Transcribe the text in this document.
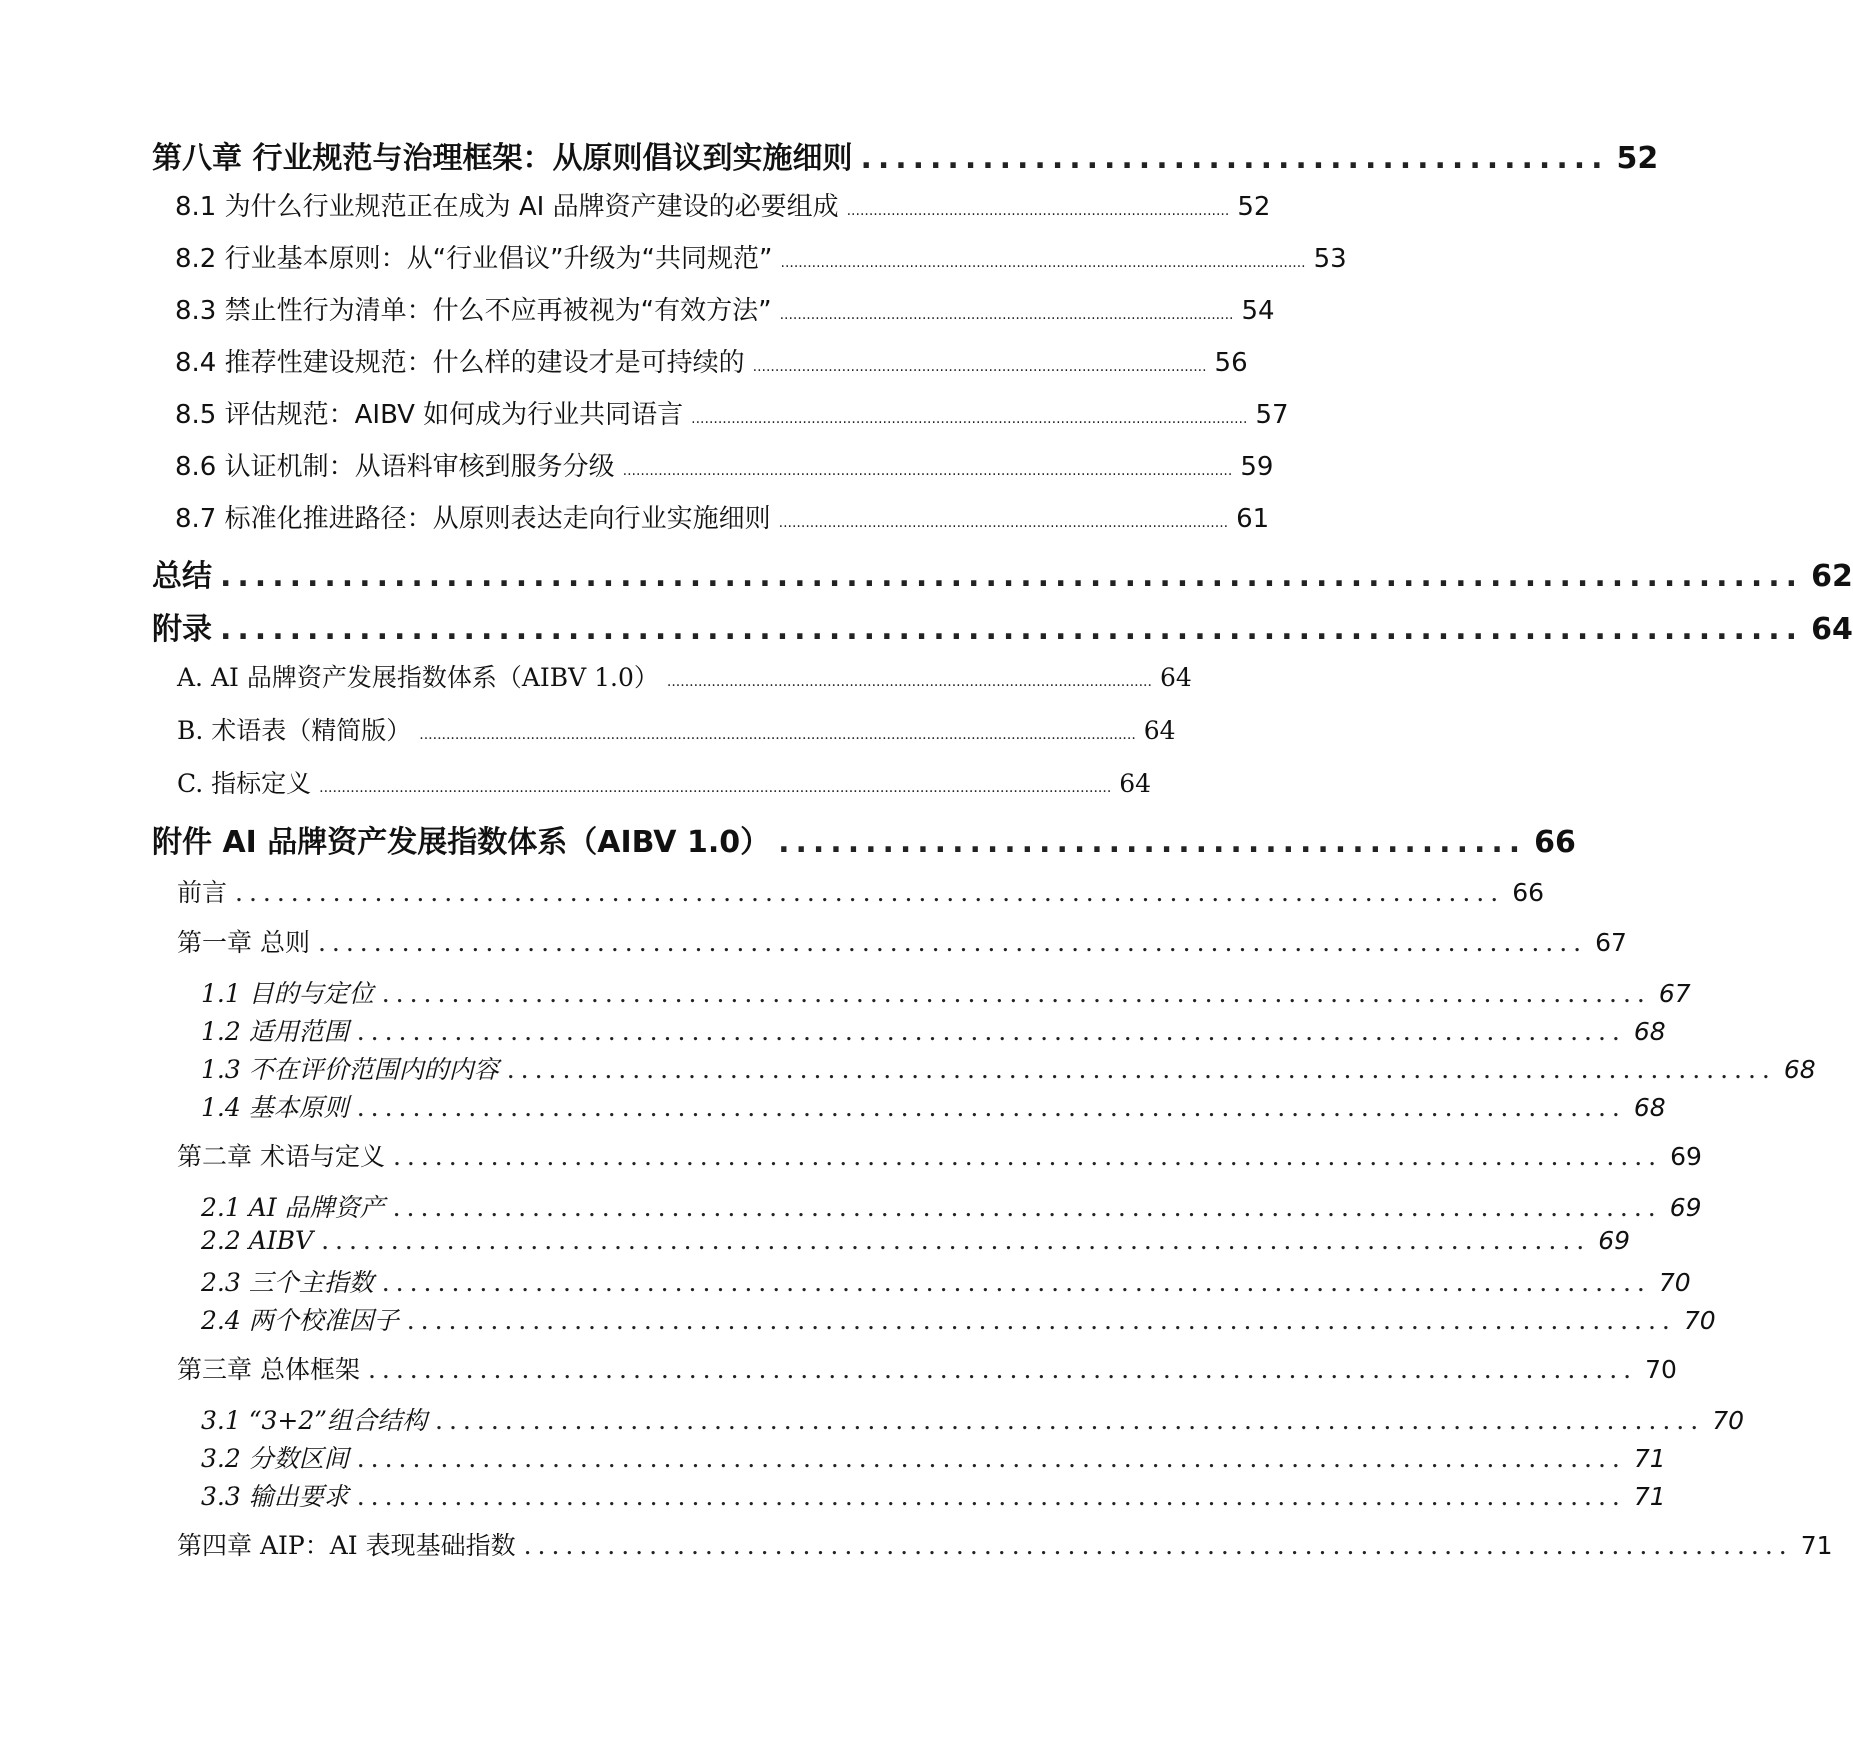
第八章 行业规范与治理框架：从原则倡议到实施细则 ........................................... 52
8.1 为什么行业规范正在成为 AI 品牌资产建设的必要组成 ...................................................................................... 52
8.2 行业基本原则：从“行业倡议”升级为“共同规范” ...................................................................................................................... 53
8.3 禁止性行为清单：什么不应再被视为“有效方法” ...................................................................................................... 54
8.4 推荐性建设规范：什么样的建设才是可持续的 ...................................................................................................... 56
8.5 评估规范：AIBV 如何成为行业共同语言 ............................................................................................................................. 57
8.6 认证机制：从语料审核到服务分级 ......................................................................................................................................... 59
8.7 标准化推进路径：从原则表达走向行业实施细则 ..................................................................................................... 61
总结 ........................................................................................... 62
附录 ........................................................................................... 64
A. AI 品牌资产发展指数体系（AIBV 1.0） ............................................................................................................. 64
B. 术语表（精简版） ................................................................................................................................................................. 64
C. 指标定义 .................................................................................................................................................................................. 64
附件 AI 品牌资产发展指数体系（AIBV 1.0） ........................................... 66
前言 ........................................................................................... 66
第一章 总则 ........................................................................................... 67
1.1 目的与定位 ........................................................................................... 67
1.2 适用范围 ........................................................................................... 68
1.3 不在评价范围内的内容 ........................................................................................... 68
1.4 基本原则 ........................................................................................... 68
第二章 术语与定义 ........................................................................................... 69
2.1 AI 品牌资产 ........................................................................................... 69
2.2 AIBV ........................................................................................... 69
2.3 三个主指数 ........................................................................................... 70
2.4 两个校准因子 ........................................................................................... 70
第三章 总体框架 ........................................................................................... 70
3.1 “3+2”组合结构 ........................................................................................... 70
3.2 分数区间 ........................................................................................... 71
3.3 输出要求 ........................................................................................... 71
第四章 AIP：AI 表现基础指数 ........................................................................................... 71
